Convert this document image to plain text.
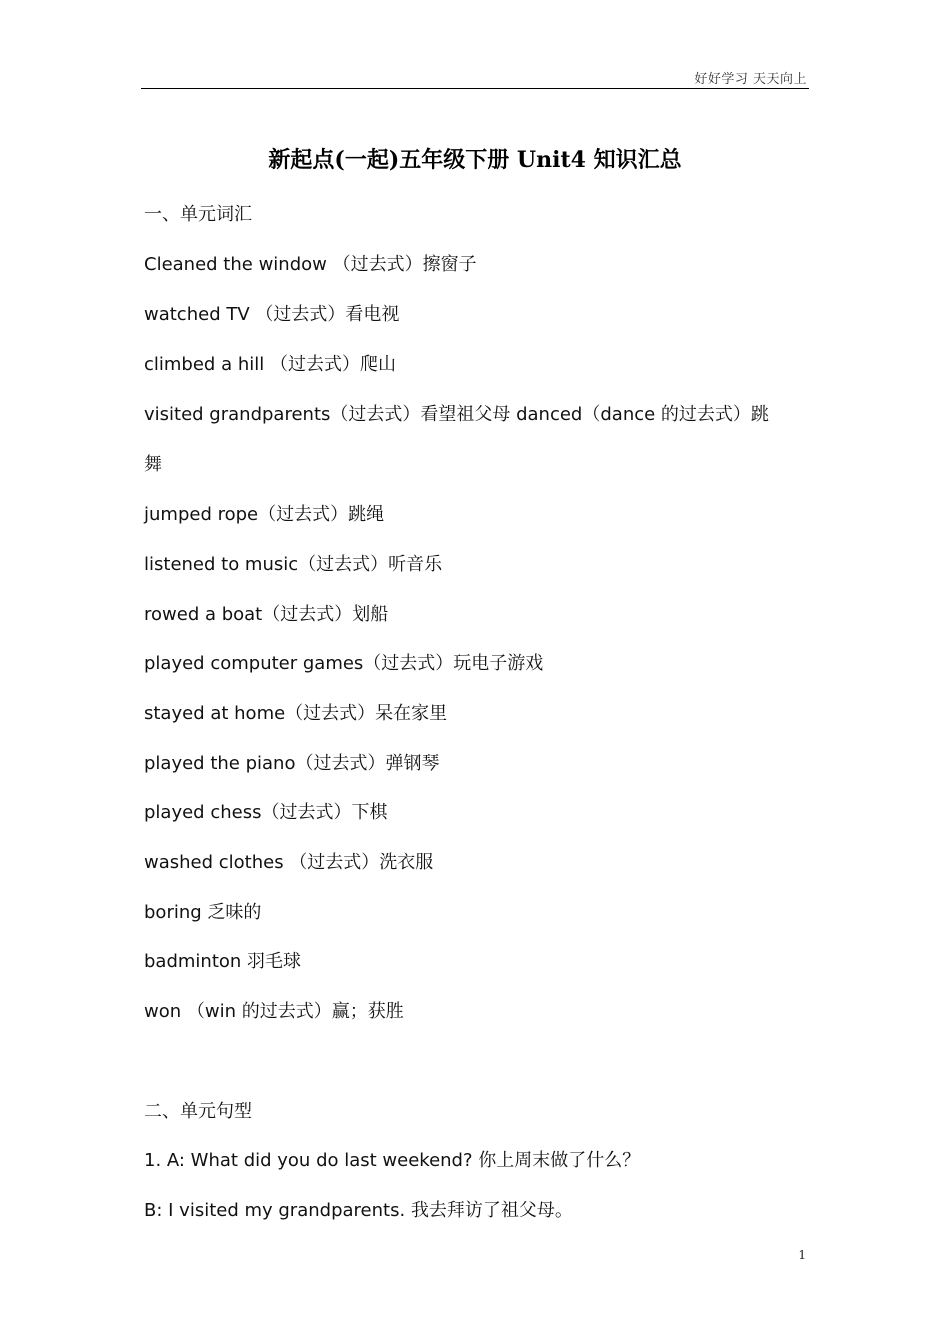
好好学习 天天向上
新起点(一起)五年级下册 Unit4 知识汇总
一、单元词汇
Cleaned the window （过去式）擦窗子
watched TV （过去式）看电视
climbed a hill （过去式）爬山
visited grandparents（过去式）看望祖父母 danced（dance 的过去式）跳
舞
jumped rope（过去式）跳绳
listened to music（过去式）听音乐
rowed a boat（过去式）划船
played computer games（过去式）玩电子游戏
stayed at home（过去式）呆在家里
played the piano（过去式）弹钢琴
played chess（过去式）下棋
washed clothes （过去式）洗衣服
boring 乏味的
badminton 羽毛球
won （win 的过去式）赢；获胜
二、单元句型
1. A: What did you do last weekend? 你上周末做了什么？
B: I visited my grandparents. 我去拜访了祖父母。
1
